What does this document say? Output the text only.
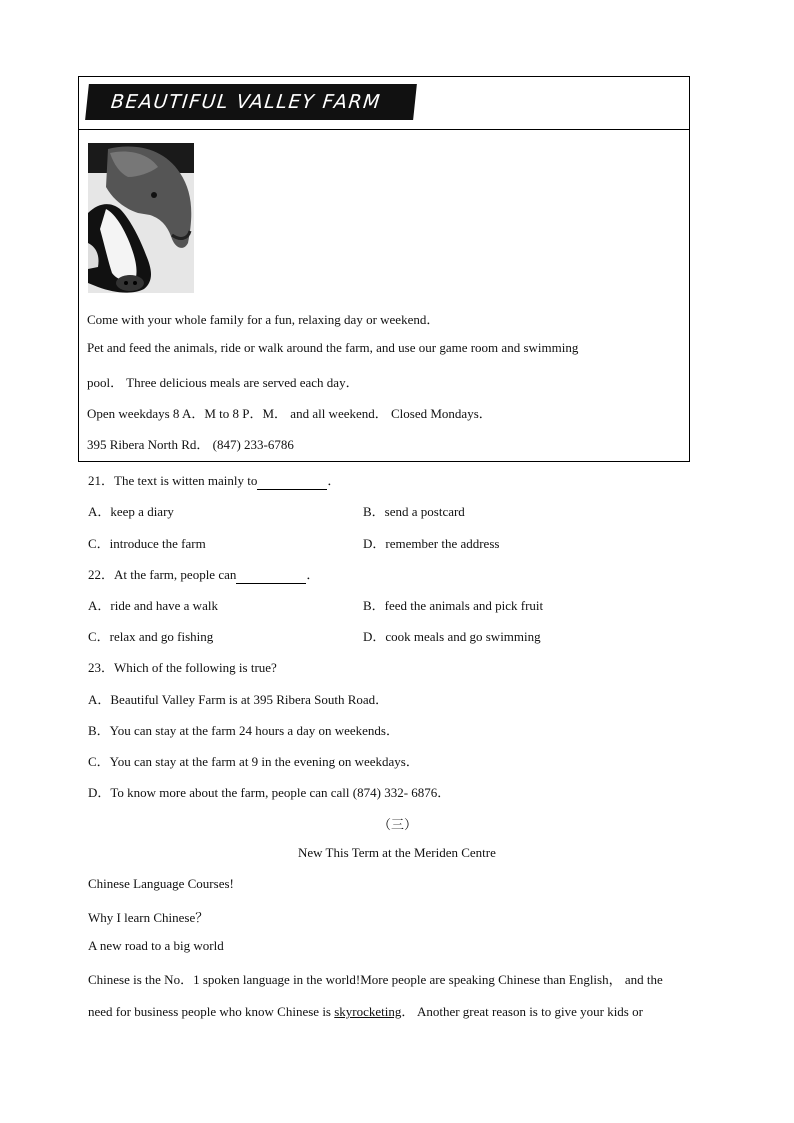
BEAUTIFUL VALLEY FARM
Come with your whole family for a fun, relaxing day or weekend．
Pet and feed the animals, ride or walk around the farm, and use our game room and swimming
pool． Three delicious meals are served each day．
Open weekdays 8 A．M to 8 P．M． and all weekend． Closed Mondays．
395 Ribera North Rd． (847) 233-6786
21．The text is witten mainly to	．
A．keep a diary	B．send a postcard
C．introduce the farm	D．remember the address
22．At the farm, people can	．
A．ride and have a walk	B．feed the animals and pick fruit
C．relax and go fishing	D．cook meals and go swimming
23．Which of the following is true?
A．Beautiful Valley Farm is at 395 Ribera South Road．
B．You can stay at the farm 24 hours a day on weekends．
C．You can stay at the farm at 9 in the evening on weekdays．
D．To know more about the farm, people can call (874) 332- 6876．
（三）
New This Term at the Meriden Centre
Chinese Language Courses!
Why I learn Chinese？
A new road to a big world
Chinese is the No．1 spoken language in the world!More people are speaking Chinese than English， and the
need for business people who know Chinese is skyrocketing． Another great reason is to give your kids or
